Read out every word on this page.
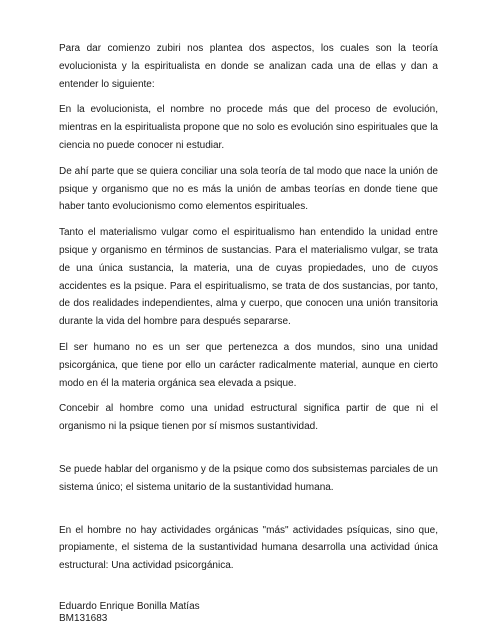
Para dar comienzo zubiri nos plantea dos aspectos, los cuales son la teoría evolucionista y la espiritualista en donde se analizan cada una de ellas y dan a entender lo siguiente:

En la evolucionista, el nombre no procede más que del proceso de evolución, mientras en la espiritualista propone que no solo es evolución sino espirituales que la ciencia no puede conocer ni estudiar.

De ahí parte que se quiera conciliar una sola teoría de tal modo que nace la unión de psique y organismo que no es más la unión de ambas teorías en donde tiene que haber tanto evolucionismo como elementos espirituales.

Tanto el materialismo vulgar como el espiritualismo han entendido la unidad entre psique y organismo en términos de sustancias. Para el materialismo vulgar, se trata de una única sustancia, la materia, una de cuyas propiedades, uno de cuyos accidentes es la psique. Para el espiritualismo, se trata de dos sustancias, por tanto, de dos realidades independientes, alma y cuerpo, que conocen una unión transitoria durante la vida del hombre para después separarse.

El ser humano no es un ser que pertenezca a dos mundos, sino una unidad psicorgánica, que tiene por ello un carácter radicalmente material, aunque en cierto modo en él la materia orgánica sea elevada a psique.

Concebir al hombre como una unidad estructural significa partir de que ni el organismo ni la psique tienen por sí mismos sustantividad.

Se puede hablar del organismo y de la psique como dos subsistemas parciales de un sistema único; el sistema unitario de la sustantividad humana.

En el hombre no hay actividades orgánicas "más" actividades psíquicas, sino que, propiamente, el sistema de la sustantividad humana desarrolla una actividad única estructural: Una actividad psicorgánica.

Eduardo Enrique Bonilla Matías

BM131683
